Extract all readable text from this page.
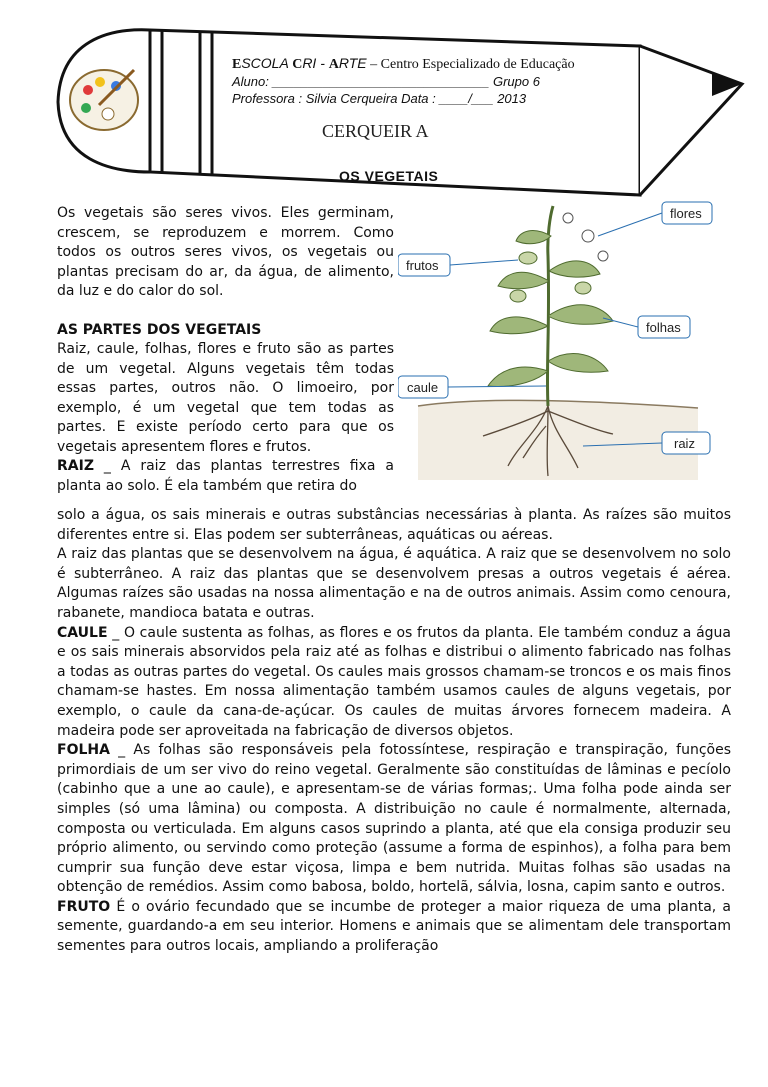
ESCOLA CRI - ARTE – Centro Especializado de Educação
Aluno: ______________________________ Grupo 6
Professora : Silvia Cerqueira Data : ____/___ 2013
CERQUEIR A
OS VEGETAIS
flores
frutos
folhas
caule
raiz

Os vegetais são seres vivos. Eles germinam, crescem, se reproduzem e morrem. Como todos os outros seres vivos, os vegetais ou plantas precisam do ar, da água, de alimento, da luz e do calor do sol.

AS PARTES DOS VEGETAIS

Raiz, caule, folhas, flores e fruto são as partes de um vegetal. Alguns vegetais têm todas essas partes, outros não. O limoeiro, por exemplo, é um vegetal que tem todas as partes. E existe período certo para que os vegetais apresentem flores e frutos.

RAIZ _ A raiz das plantas terrestres fixa a planta ao solo. É ela também que retira do

solo a água, os sais minerais e outras substâncias necessárias à planta. As raízes são muitos diferentes entre si. Elas podem ser subterrâneas, aquáticas ou aéreas.

A raiz das plantas que se desenvolvem na água, é aquática. A raiz que se desenvolvem no solo é subterrâneo. A raiz das plantas que se desenvolvem presas a outros vegetais é aérea. Algumas raízes são usadas na nossa alimentação e na de outros animais. Assim como cenoura, rabanete, mandioca batata e outras.

CAULE _ O caule sustenta as folhas, as flores e os frutos da planta. Ele também conduz a água e os sais minerais absorvidos pela raiz até as folhas e distribui o alimento fabricado nas folhas a todas as outras partes do vegetal. Os caules mais grossos chamam-se troncos e os mais finos chamam-se hastes. Em nossa alimentação também usamos caules de alguns vegetais, por exemplo, o caule da cana-de-açúcar. Os caules de muitas árvores fornecem madeira. A madeira pode ser aproveitada na fabricação de diversos objetos.

FOLHA _ As folhas são responsáveis pela fotossíntese, respiração e transpiração, funções primordiais de um ser vivo do reino vegetal. Geralmente são constituídas de lâminas e pecíolo (cabinho que a une ao caule), e apresentam-se de várias formas;. Uma folha pode ainda ser simples (só uma lâmina) ou composta. A distribuição no caule é normalmente, alternada, composta ou verticulada. Em alguns casos suprindo a planta, até que ela consiga produzir seu próprio alimento, ou servindo como proteção (assume a forma de espinhos), a folha para bem cumprir sua função deve estar viçosa, limpa e bem nutrida. Muitas folhas são usadas na obtenção de remédios. Assim como babosa, boldo, hortelã, sálvia, losna, capim santo e outros.

FRUTO É o ovário fecundado que se incumbe de proteger a maior riqueza de uma planta, a semente, guardando-a em seu interior. Homens e animais que se alimentam dele transportam sementes para outros locais, ampliando a proliferação
